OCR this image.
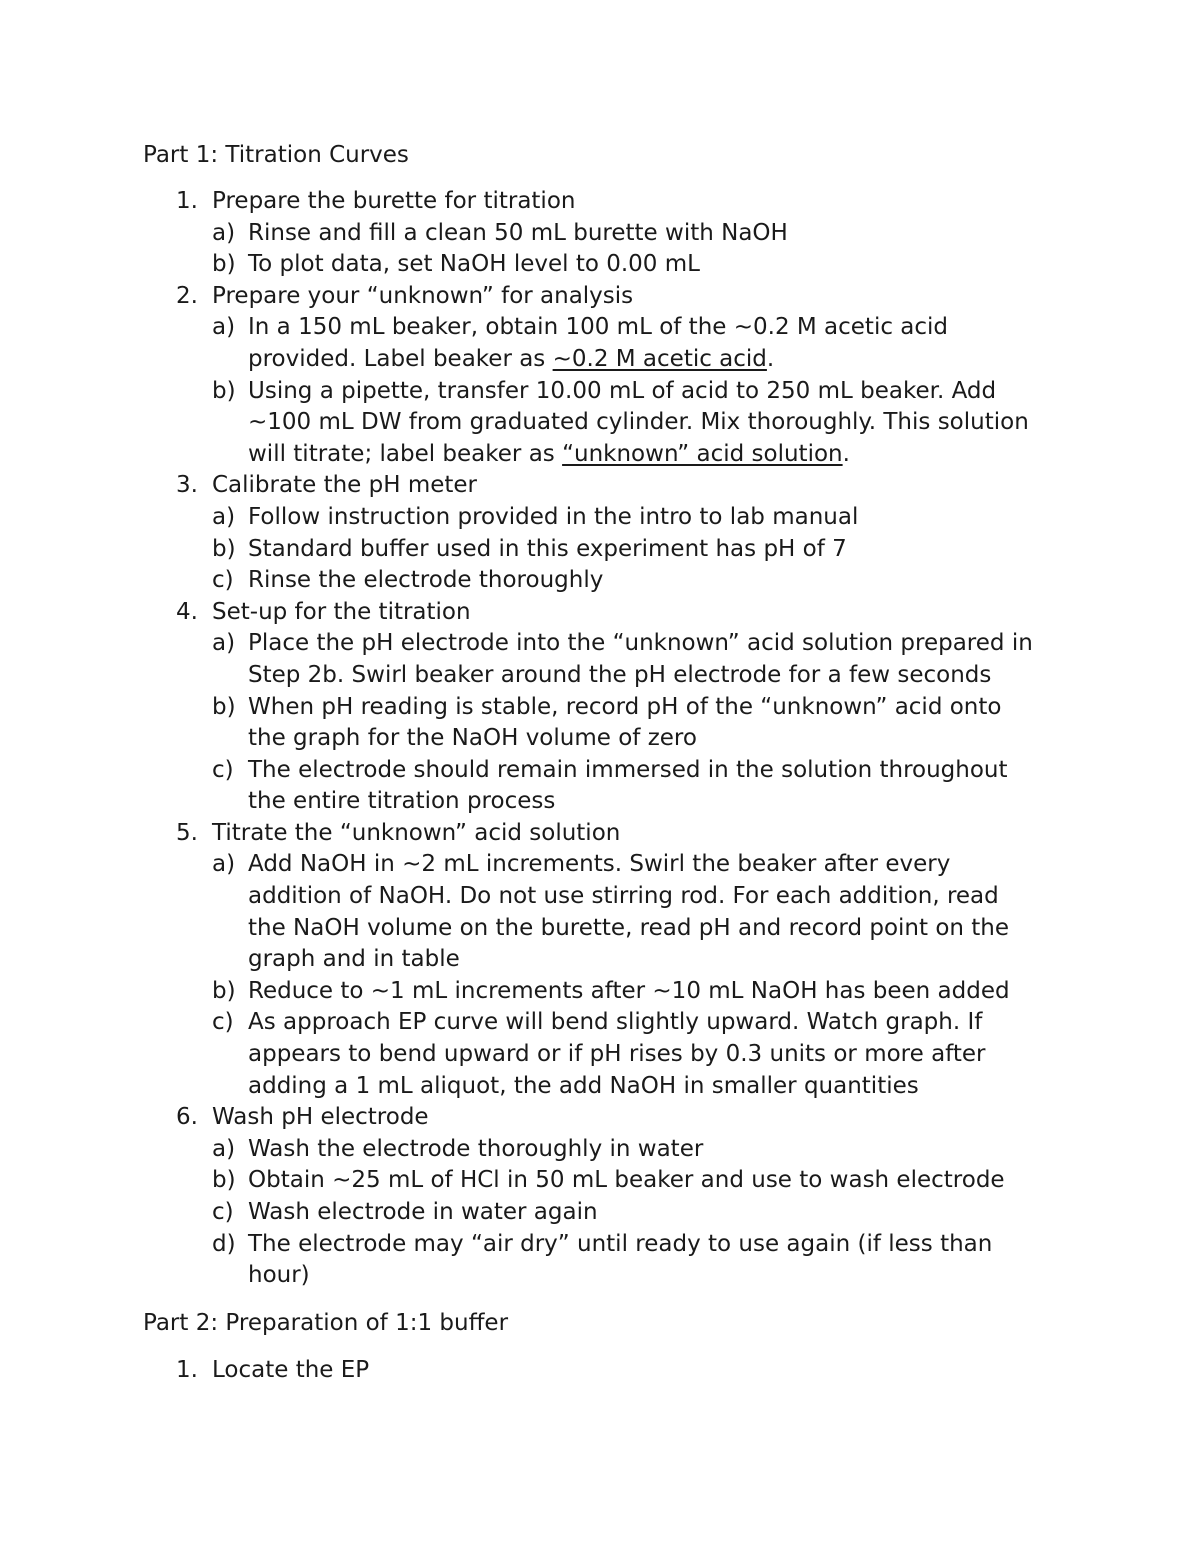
Part 1: Titration Curves
1. Prepare the burette for titration
a) Rinse and fill a clean 50 mL burette with NaOH
b) To plot data, set NaOH level to 0.00 mL
2. Prepare your “unknown” for analysis
a) In a 150 mL beaker, obtain 100 mL of the ~0.2 M acetic acid
provided. Label beaker as ~0.2 M acetic acid.
b) Using a pipette, transfer 10.00 mL of acid to 250 mL beaker. Add
~100 mL DW from graduated cylinder. Mix thoroughly. This solution
will titrate; label beaker as “unknown” acid solution.
3. Calibrate the pH meter
a) Follow instruction provided in the intro to lab manual
b) Standard buffer used in this experiment has pH of 7
c) Rinse the electrode thoroughly
4. Set-up for the titration
a) Place the pH electrode into the “unknown” acid solution prepared in
Step 2b. Swirl beaker around the pH electrode for a few seconds
b) When pH reading is stable, record pH of the “unknown” acid onto
the graph for the NaOH volume of zero
c) The electrode should remain immersed in the solution throughout
the entire titration process
5. Titrate the “unknown” acid solution
a) Add NaOH in ~2 mL increments. Swirl the beaker after every
addition of NaOH. Do not use stirring rod. For each addition, read
the NaOH volume on the burette, read pH and record point on the
graph and in table
b) Reduce to ~1 mL increments after ~10 mL NaOH has been added
c) As approach EP curve will bend slightly upward. Watch graph. If
appears to bend upward or if pH rises by 0.3 units or more after
adding a 1 mL aliquot, the add NaOH in smaller quantities
6. Wash pH electrode
a) Wash the electrode thoroughly in water
b) Obtain ~25 mL of HCl in 50 mL beaker and use to wash electrode
c) Wash electrode in water again
d) The electrode may “air dry” until ready to use again (if less than
hour)
Part 2: Preparation of 1:1 buffer
1. Locate the EP
